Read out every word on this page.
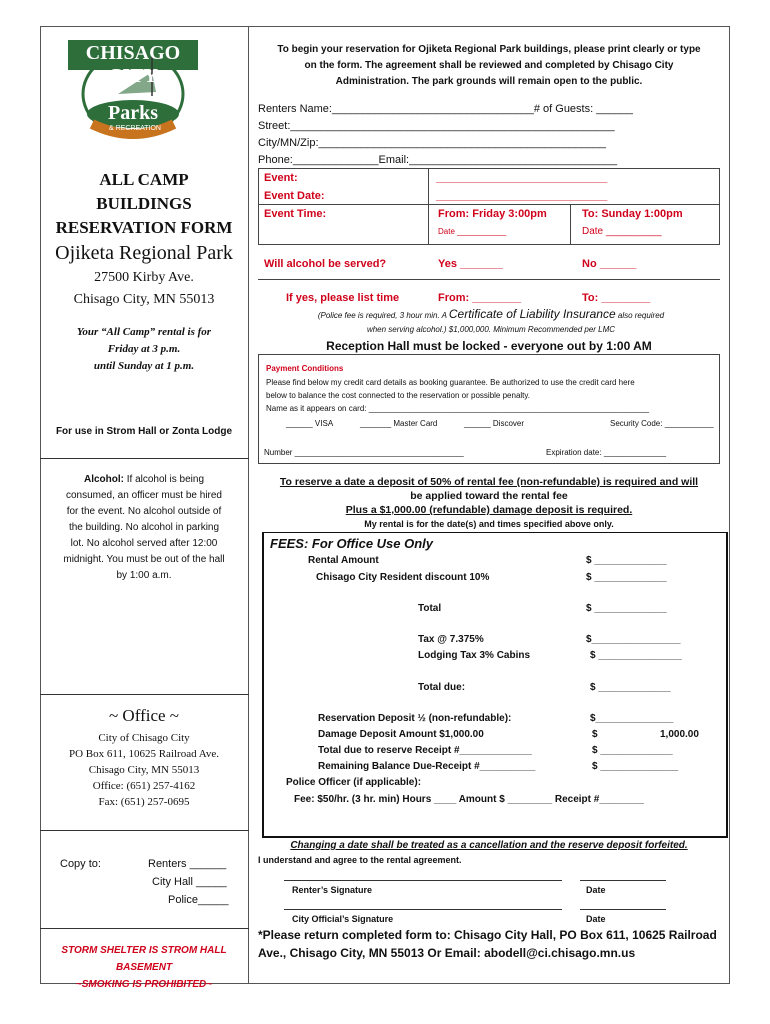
CHISAGO CITY
Parks
& RECREATION
ALL CAMP
BUILDINGS
RESERVATION FORM
Ojiketa Regional Park
27500 Kirby Ave.
Chisago City, MN 55013
Your “All Camp” rental is for
Friday at 3 p.m.
until Sunday at 1 p.m.
For use in Strom Hall or Zonta Lodge
Alcohol: If alcohol is being
consumed, an officer must be hired
for the event. No alcohol outside of
the building. No alcohol in parking
lot. No alcohol served after 12:00
midnight. You must be out of the hall
by 1:00 a.m.
~ Office ~
City of Chisago City
PO Box 611, 10625 Railroad Ave.
Chisago City, MN 55013
Office: (651) 257-4162
Fax: (651) 257-0695
Copy to:	Renters ______
City Hall _____
Police_____
STORM SHELTER IS STROM HALL
BASEMENT
~SMOKING IS PROHIBITED~
To begin your reservation for Ojiketa Regional Park buildings, please print clearly or type
on the form. The agreement shall be reviewed and completed by Chisago City
Administration. The park grounds will remain open to the public.
Renters Name:_________________________________# of Guests: ______
Street:_____________________________________________________
City/MN/Zip:_______________________________________________
Phone:______________Email:__________________________________
Event:	____________________________
Event Date:	____________________________
Event Time:	From: Friday 3:00pm	To: Sunday 1:00pm
Date ___________	Date __________
Will alcohol be served?	Yes _______	No ______
If yes, please list time	From: ________	To: ________
(Police fee is required, 3 hour min. A Certificate of Liability Insurance also required
when serving alcohol.) $1,000,000. Minimum Recommended per LMC
Reception Hall must be locked - everyone out by 1:00 AM
Payment Conditions
Please find below my credit card details as booking guarantee. Be authorized to use the credit card here
below to balance the cost connected to the reservation or possible penalty.
Name as it appears on card: _______________________________________________________________
______ VISA	_______ Master Card	______ Discover	Security Code: ___________
Number ______________________________________	Expiration date: ______________
To reserve a date a deposit of 50% of rental fee (non-refundable) is required and will
be applied toward the rental fee
Plus a $1,000.00 (refundable) damage deposit is required.
My rental is for the date(s) and times specified above only.
FEES: For Office Use Only
Rental Amount	$ _____________
Chisago City Resident discount 10%	$ _____________
Total	$ _____________
Tax @ 7.375%	$________________
Lodging Tax 3% Cabins	$ _______________
Total due:	$ _____________
Reservation Deposit ½ (non-refundable):	$______________
Damage Deposit Amount $1,000.00	$	1,000.00
Total due to reserve Receipt #_____________	$ _____________
Remaining Balance Due-Receipt #__________	$ ______________
Police Officer (if applicable):
Fee: $50/hr. (3 hr. min) Hours ____ Amount $ ________ Receipt #________
Changing a date shall be treated as a cancellation and the reserve deposit forfeited.
I understand and agree to the rental agreement.
Renter’s Signature	Date
City Official’s Signature	Date
*Please return completed form to: Chisago City Hall, PO Box 611, 10625 Railroad
Ave., Chisago City, MN 55013 Or Email: abodell@ci.chisago.mn.us
